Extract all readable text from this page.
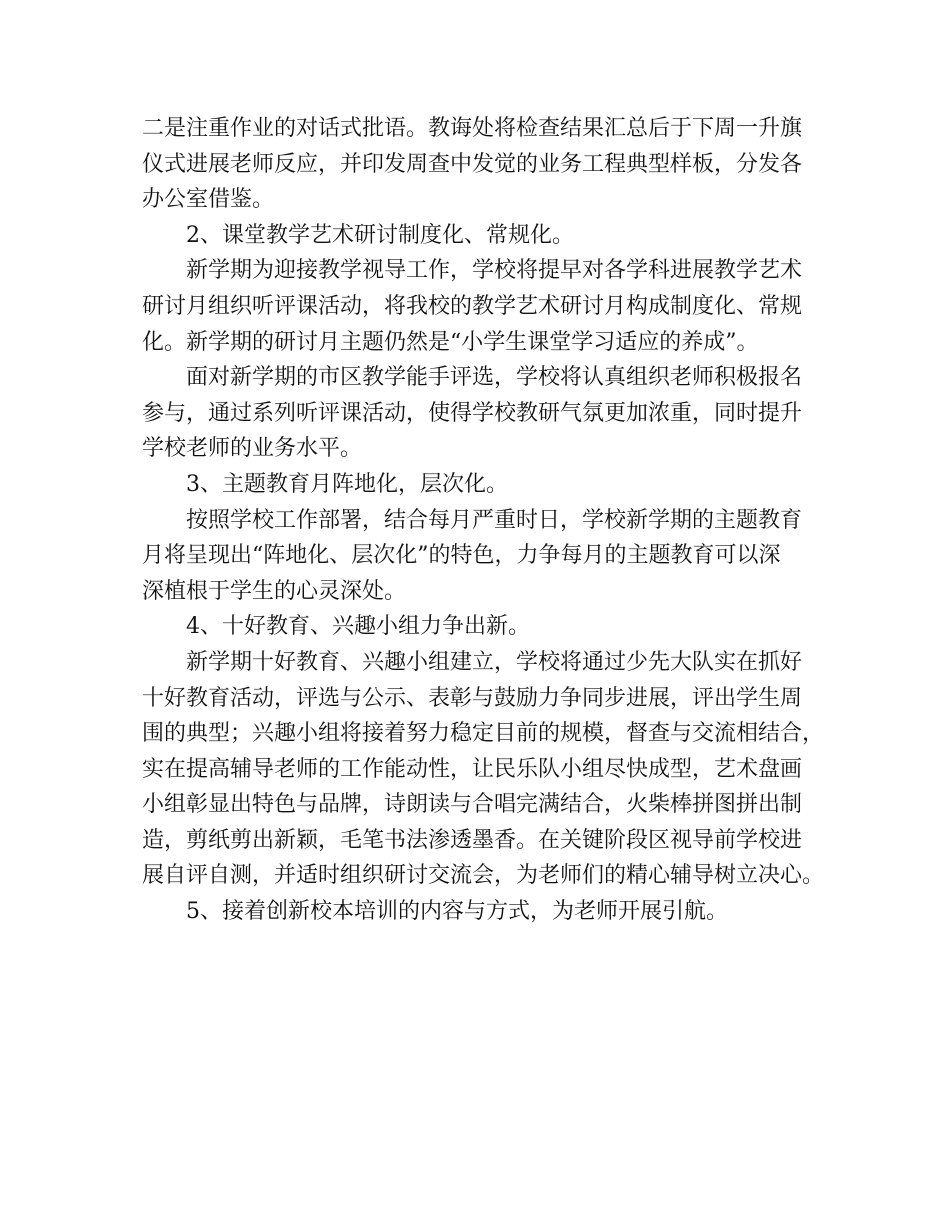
二是注重作业的对话式批语。教诲处将检查结果汇总后于下周一升旗
仪式进展老师反应，并印发周查中发觉的业务工程典型样板，分发各
办公室借鉴。
2、课堂教学艺术研讨制度化、常规化。
新学期为迎接教学视导工作，学校将提早对各学科进展教学艺术
研讨月组织听评课活动，将我校的教学艺术研讨月构成制度化、常规
化。新学期的研讨月主题仍然是“小学生课堂学习适应的养成”。
面对新学期的市区教学能手评选，学校将认真组织老师积极报名
参与，通过系列听评课活动，使得学校教研气氛更加浓重，同时提升
学校老师的业务水平。
3、主题教育月阵地化，层次化。
按照学校工作部署，结合每月严重时日，学校新学期的主题教育
月将呈现出“阵地化、层次化”的特色，力争每月的主题教育可以深
深植根于学生的心灵深处。
4、十好教育、兴趣小组力争出新。
新学期十好教育、兴趣小组建立，学校将通过少先大队实在抓好
十好教育活动，评选与公示、表彰与鼓励力争同步进展，评出学生周
围的典型；兴趣小组将接着努力稳定目前的规模，督查与交流相结合，
实在提高辅导老师的工作能动性，让民乐队小组尽快成型，艺术盘画
小组彰显出特色与品牌，诗朗读与合唱完满结合，火柴棒拼图拼出制
造，剪纸剪出新颖，毛笔书法渗透墨香。在关键阶段区视导前学校进
展自评自测，并适时组织研讨交流会，为老师们的精心辅导树立决心。
5、接着创新校本培训的内容与方式，为老师开展引航。
